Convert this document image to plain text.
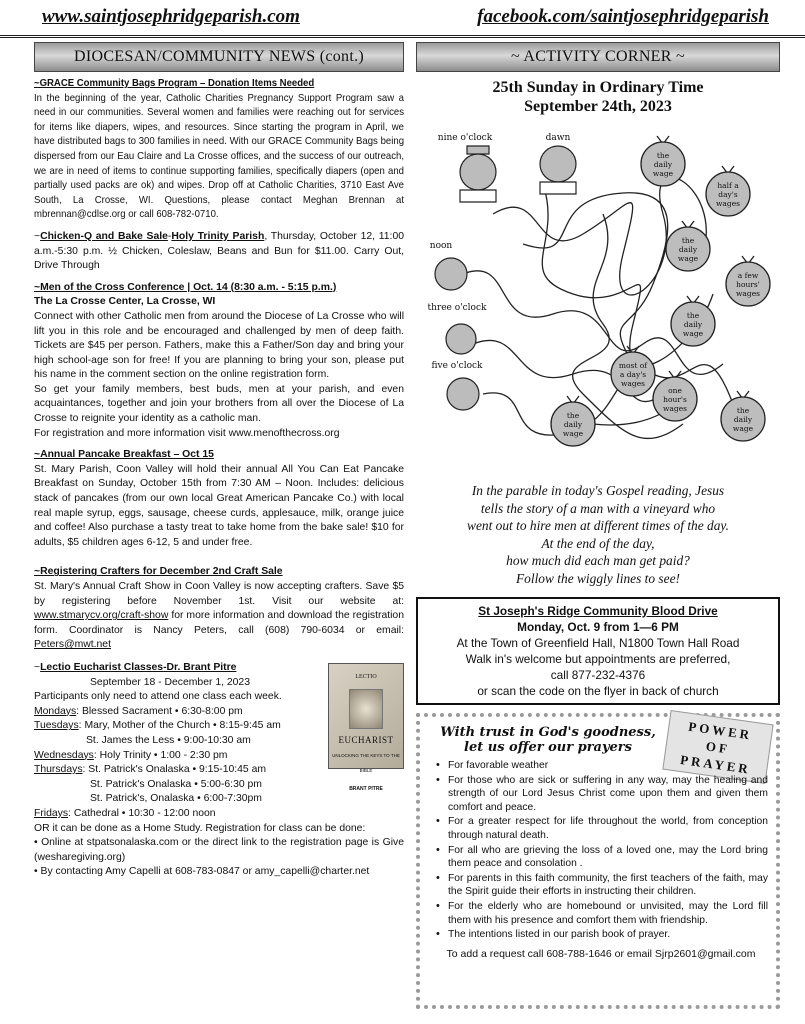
www.saintjosephridgeparish.com	facebook.com/saintjosephridgeparish
DIOCESAN/COMMUNITY NEWS (cont.)

~GRACE Community Bags Program – Donation Items Needed

In the beginning of the year, Catholic Charities Pregnancy Support Program saw a need in our communities. Several women and families were reaching out for services for items like diapers, wipes, and resources. Since starting the program in April, we have distributed bags to 300 families in need. With our GRACE Community Bags being dispersed from our Eau Claire and La Crosse offices, and the success of our outreach, we are in need of items to continue supporting families, specifically diapers (open and partially used packs are ok) and wipes. Drop off at Catholic Charities, 3710 East Ave South, La Crosse, WI. Questions, please contact Meghan Brennan at mbrennan@cdlse.org or call 608-782-0710.

~Chicken-Q and Bake Sale-Holy Trinity Parish, Thursday, October 12, 11:00 a.m.-5:30 p.m. ½ Chicken, Coleslaw, Beans and Bun for $11.00. Carry Out, Drive Through

~Men of the Cross Conference | Oct. 14 (8:30 a.m. - 5:15 p.m.)

The La Crosse Center, La Crosse, WI

Connect with other Catholic men from around the Diocese of La Crosse who will lift you in this role and be encouraged and challenged by men of deep faith. Tickets are $45 per person. Fathers, make this a Father/Son day and bring your high school-age son for free! If you are planning to bring your son, please put his name in the comment section on the online registration form.

So get your family members, best buds, men at your parish, and even acquaintances, together and join your brothers from all over the Diocese of La Crosse to reignite your identity as a catholic man.

For registration and more information visit www.menofthecross.org

~Annual Pancake Breakfast – Oct 15

St. Mary Parish, Coon Valley will hold their annual All You Can Eat Pancake Breakfast on Sunday, October 15th from 7:30 AM – Noon. Includes: delicious stack of pancakes (from our own local Great American Pancake Co.) with local real maple syrup, eggs, sausage, cheese curds, applesauce, milk, orange juice and coffee! Also purchase a tasty treat to take home from the bake sale! $10 for adults, $5 children ages 6-12, 5 and under free.

~Registering Crafters for December 2nd Craft Sale

St. Mary's Annual Craft Show in Coon Valley is now accepting crafters. Save $5 by registering before November 1st. Visit our website at: www.stmarycv.org/craft-show for more information and download the registration form. Coordinator is Nancy Peters, call (608) 790-6034 or email: Peters@mwt.net

LECTIO
EUCHARIST
UNLOCKING THE KEYS TO THE BIBLE
BRANT PITRE

~Lectio Eucharist Classes-Dr. Brant Pitre

September 18 - December 1, 2023

Participants only need to attend one class each week.

Mondays: Blessed Sacrament • 6:30-8:00 pm

Tuesdays: Mary, Mother of the Church • 8:15-9:45 am

St. James the Less • 9:00-10:30 am

Wednesdays: Holy Trinity • 1:00 - 2:30 pm

Thursdays: St. Patrick's Onalaska • 9:15-10:45 am

St. Patrick's Onalaska • 5:00-6:30 pm

St. Patrick's, Onalaska • 6:00-7:30pm

Fridays: Cathedral • 10:30 - 12:00 noon

OR it can be done as a Home Study. Registration for class can be done:

• Online at stpatsonalaska.com or the direct link to the registration page is Give (wesharegiving.org)

• By contacting Amy Capelli at 608-783-0847 or amy_capelli@charter.net

~ ACTIVITY CORNER ~
25th Sunday in Ordinary Time
September 24th, 2023
nine o'clock	dawn
noon
three o'clock
five o'clock
the daily wage
half a day's wages
the daily wage
a few hours' wages
the daily wage
most of a day's wages
one hour's wages	the daily wage
the daily wage
In the parable in today's Gospel reading, Jesus
tells the story of a man with a vineyard who
went out to hire men at different times of the day.
At the end of the day,
how much did each man get paid?
Follow the wiggly lines to see!
St Joseph's Ridge Community Blood Drive
Monday, Oct. 9 from 1—6 PM
At the Town of Greenfield Hall, N1800 Town Hall Road
Walk in's welcome but appointments are preferred,
call 877-232-4376
or scan the code on the flyer in back of church
POWER
OF
PRAYER
With trust in God's goodness,
let us offer our prayers
• For favorable weather
• For those who are sick or suffering in any way, may the healing and strength of our Lord Jesus Christ come upon them and given them comfort and peace.
• For a greater respect for life throughout the world, from conception through natural death.
• For all who are grieving the loss of a loved one, may the Lord bring them peace and consolation .
• For parents in this faith community, the first teachers of the faith, may the Spirit guide their efforts in instructing their children.
• For the elderly who are homebound or unvisited, may the Lord fill them with his presence and comfort them with friendship.
• The intentions listed in our parish book of prayer.
To add a request call 608-788-1646 or email Sjrp2601@gmail.com
